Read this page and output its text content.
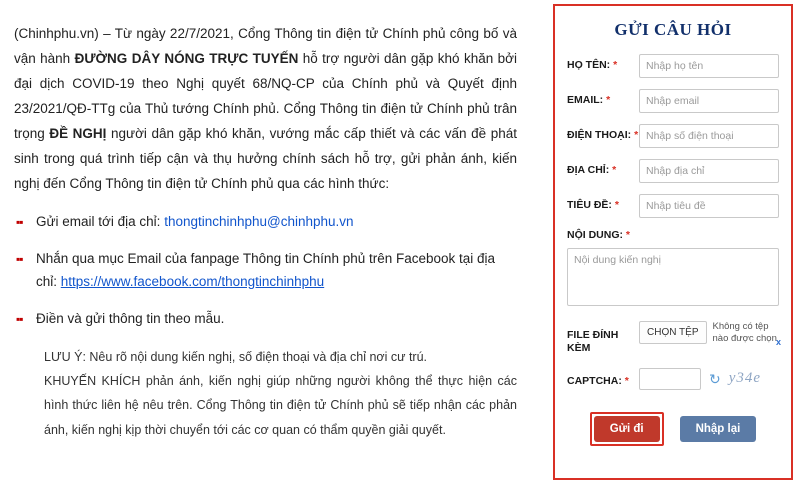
(Chinhphu.vn) – Từ ngày 22/7/2021, Cổng Thông tin điện tử Chính phủ công bố và vận hành ĐƯỜNG DÂY NÓNG TRỰC TUYẾN hỗ trợ người dân gặp khó khăn bởi đại dịch COVID-19 theo Nghị quyết 68/NQ-CP của Chính phủ và Quyết định 23/2021/QĐ-TTg của Thủ tướng Chính phủ. Cổng Thông tin điện tử Chính phủ trân trọng ĐỀ NGHỊ người dân gặp khó khăn, vướng mắc cấp thiết và các vấn đề phát sinh trong quá trình tiếp cận và thụ hưởng chính sách hỗ trợ, gửi phản ánh, kiến nghị đến Cổng Thông tin điện tử Chính phủ qua các hình thức:

▪▪ Gửi email tới địa chỉ: thongtinchinhphu@chinhphu.vn
▪▪ Nhắn qua mục Email của fanpage Thông tin Chính phủ trên Facebook tại địa chỉ: https://www.facebook.com/thongtinchinhphu
▪▪ Điền và gửi thông tin theo mẫu.

LƯU Ý: Nêu rõ nội dung kiến nghị, số điện thoại và địa chỉ nơi cư trú.

KHUYẾN KHÍCH phản ánh, kiến nghị giúp những người không thể thực hiện các hình thức liên hệ nêu trên. Cổng Thông tin điện tử Chính phủ sẽ tiếp nhận các phản ánh, kiến nghị kịp thời chuyển tới các cơ quan có thẩm quyền giải quyết.

GỬI CÂU HỎI
HỌ TÊN: *
Nhập họ tên
EMAIL: *
Nhập email
ĐIỆN THOẠI: *
Nhập số điện thoại
ĐỊA CHỈ: *
Nhập địa chỉ
TIÊU ĐỀ: *
Nhập tiêu đề
NỘI DUNG: *
Nội dung kiến nghị
FILE ĐÍNH KÈM
CHỌN TỆP
Không có tệp nào được chọn x
CAPTCHA: *	↻ y34e
Gửi đi	Nhập lại
